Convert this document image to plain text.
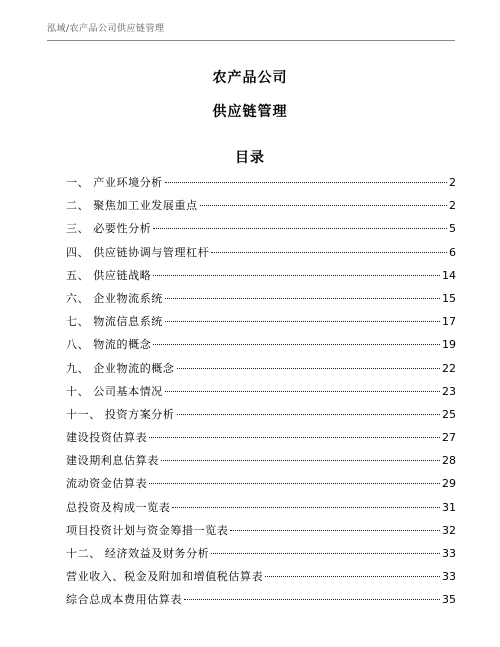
泓域/农产品公司供应链管理
农产品公司
供应链管理
目录
一、 产业环境分析	2
二、 聚焦加工业发展重点	2
三、 必要性分析	5
四、 供应链协调与管理杠杆	6
五、 供应链战略	14
六、 企业物流系统	15
七、 物流信息系统	17
八、 物流的概念	19
九、 企业物流的概念	22
十、 公司基本情况	23
十一、 投资方案分析	25
建设投资估算表	27
建设期利息估算表	28
流动资金估算表	29
总投资及构成一览表	31
项目投资计划与资金筹措一览表	32
十二、 经济效益及财务分析	33
营业收入、税金及附加和增值税估算表	33
综合总成本费用估算表	35
